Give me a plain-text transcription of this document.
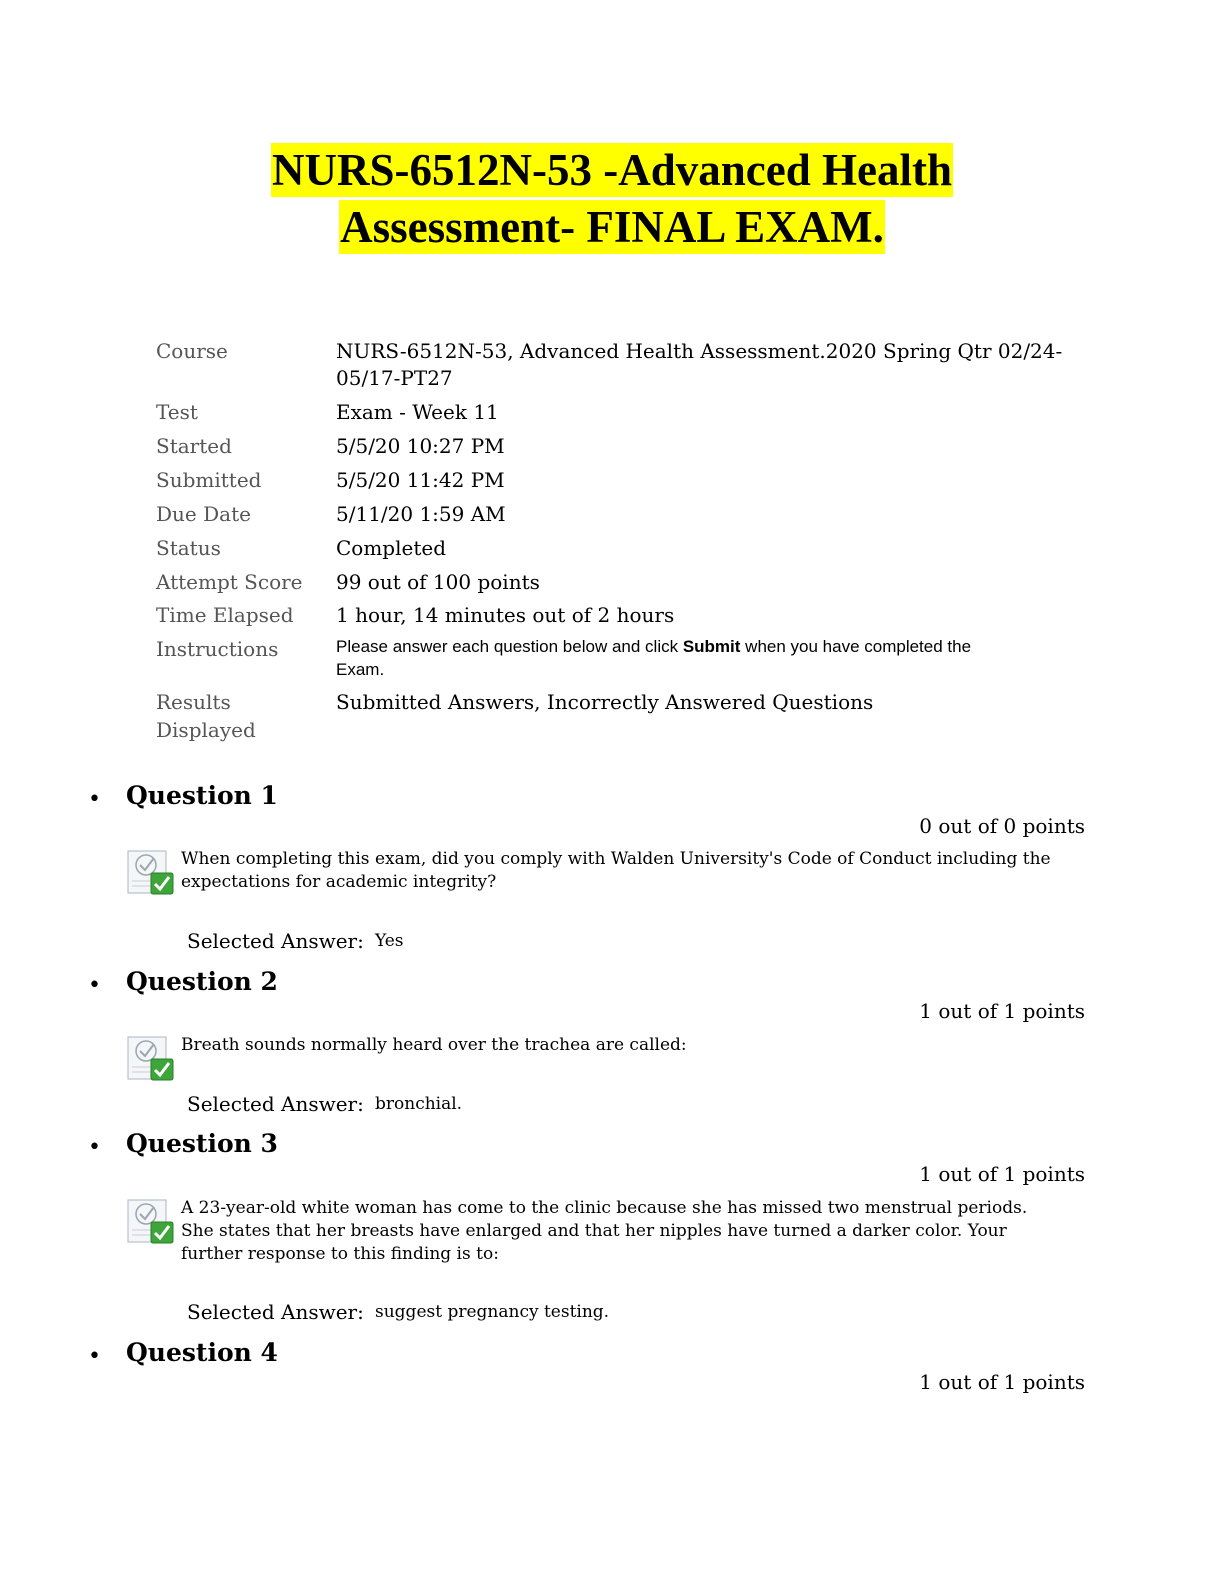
NURS-6512N-53 -Advanced Health
Assessment- FINAL EXAM.
Course	NURS-6512N-53, Advanced Health Assessment.2020 Spring Qtr 02/24-
05/17-PT27
Test	Exam - Week 11
Started	5/5/20 10:27 PM
Submitted	5/5/20 11:42 PM
Due Date	5/11/20 1:59 AM
Status	Completed
Attempt Score 99 out of 100 points
Time Elapsed 1 hour, 14 minutes out of 2 hours
Instructions	Please answer each question below and click Submit when you have completed the
Exam.
Results
Displayed
Submitted Answers, Incorrectly Answered Questions
• Question 1
0 out of 0 points
When completing this exam, did you comply with Walden University's Code of Conduct including the
expectations for academic integrity?
Selected Answer: Yes
• Question 2
1 out of 1 points
Breath sounds normally heard over the trachea are called:
Selected Answer: bronchial.
• Question 3
1 out of 1 points
A 23-year-old white woman has come to the clinic because she has missed two menstrual periods.
She states that her breasts have enlarged and that her nipples have turned a darker color. Your
further response to this finding is to:
Selected Answer: suggest pregnancy testing.
• Question 4
1 out of 1 points
